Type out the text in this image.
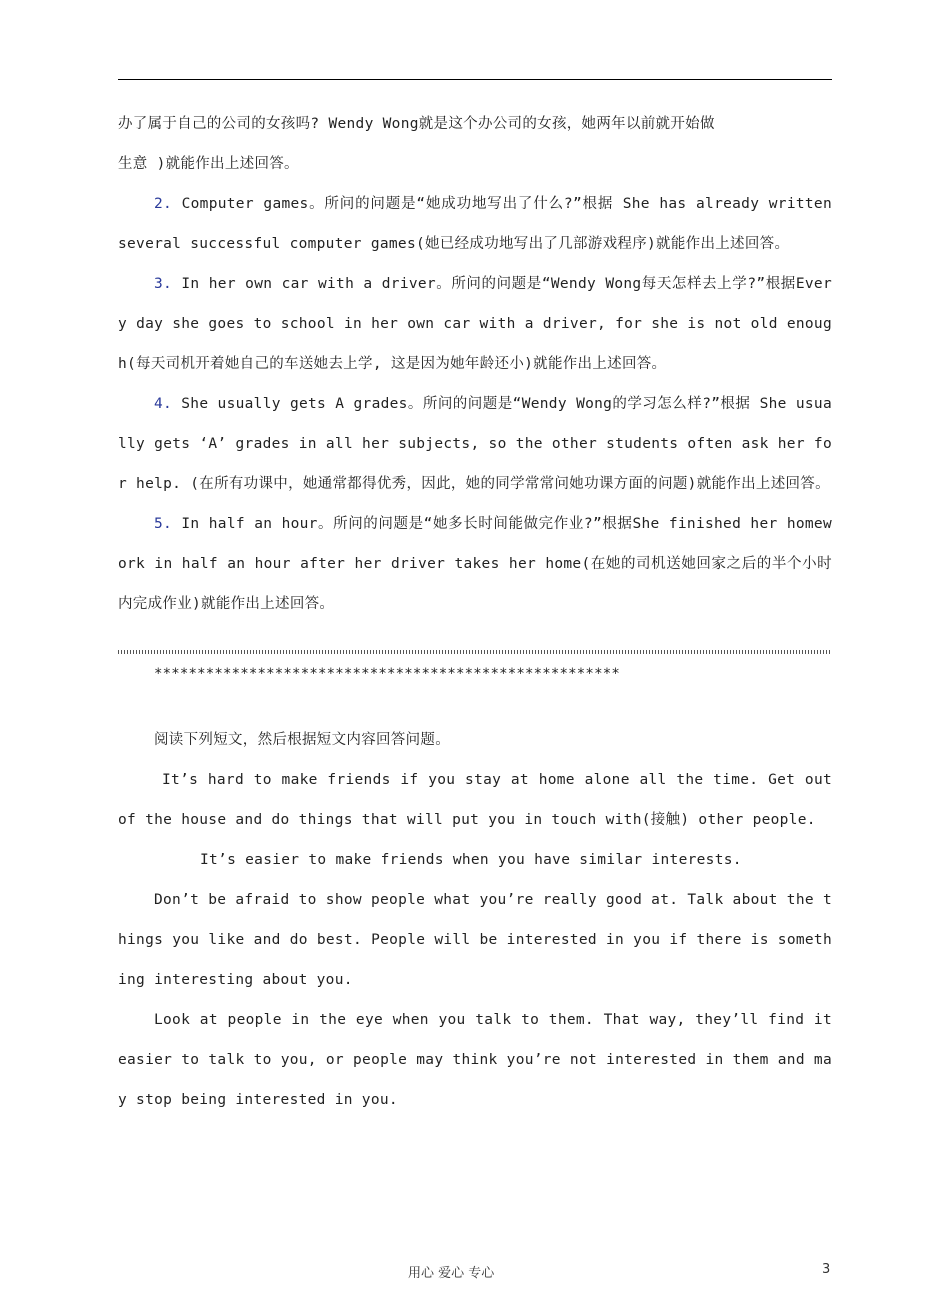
办了属于自己的公司的女孩吗? Wendy Wong就是这个办公司的女孩，她两年以前就开始做

生意 )就能作出上述回答。

2. Computer games。所问的问题是“她成功地写出了什么?”根据 She has already written several successful computer games(她已经成功地写出了几部游戏程序)就能作出上述回答。

3. In her own car with a driver。所问的问题是“Wendy Wong每天怎样去上学?”根据Every day she goes to school in her own car with a driver, for she is not old enough(每天司机开着她自己的车送她去上学, 这是因为她年龄还小)就能作出上述回答。

4. She usually gets A grades。所问的问题是“Wendy Wong的学习怎么样?”根据 She usually gets ‘A’ grades in all her subjects, so the other students often ask her for help. (在所有功课中，她通常都得优秀，因此，她的同学常常问她功课方面的问题)就能作出上述回答。

5. In half an hour。所问的问题是“她多长时间能做完作业?”根据She finished her homework in half an hour after her driver takes her home(在她的司机送她回家之后的半个小时内完成作业)就能作出上述回答。

******************************************************

阅读下列短文，然后根据短文内容回答问题。

It’s hard to make friends if you stay at home alone all the time. Get out of the house and do things that will put you in touch with(接触) other people.

It’s easier to make friends when you have similar interests.

Don’t be afraid to show people what you’re really good at. Talk about the things you like and do best. People will be interested in you if there is something interesting about you.

Look at people in the eye when you talk to them. That way, they’ll find it easier to talk to you, or people may think you’re not interested in them and may stop being interested in you.

用心 爱心 专心	3
